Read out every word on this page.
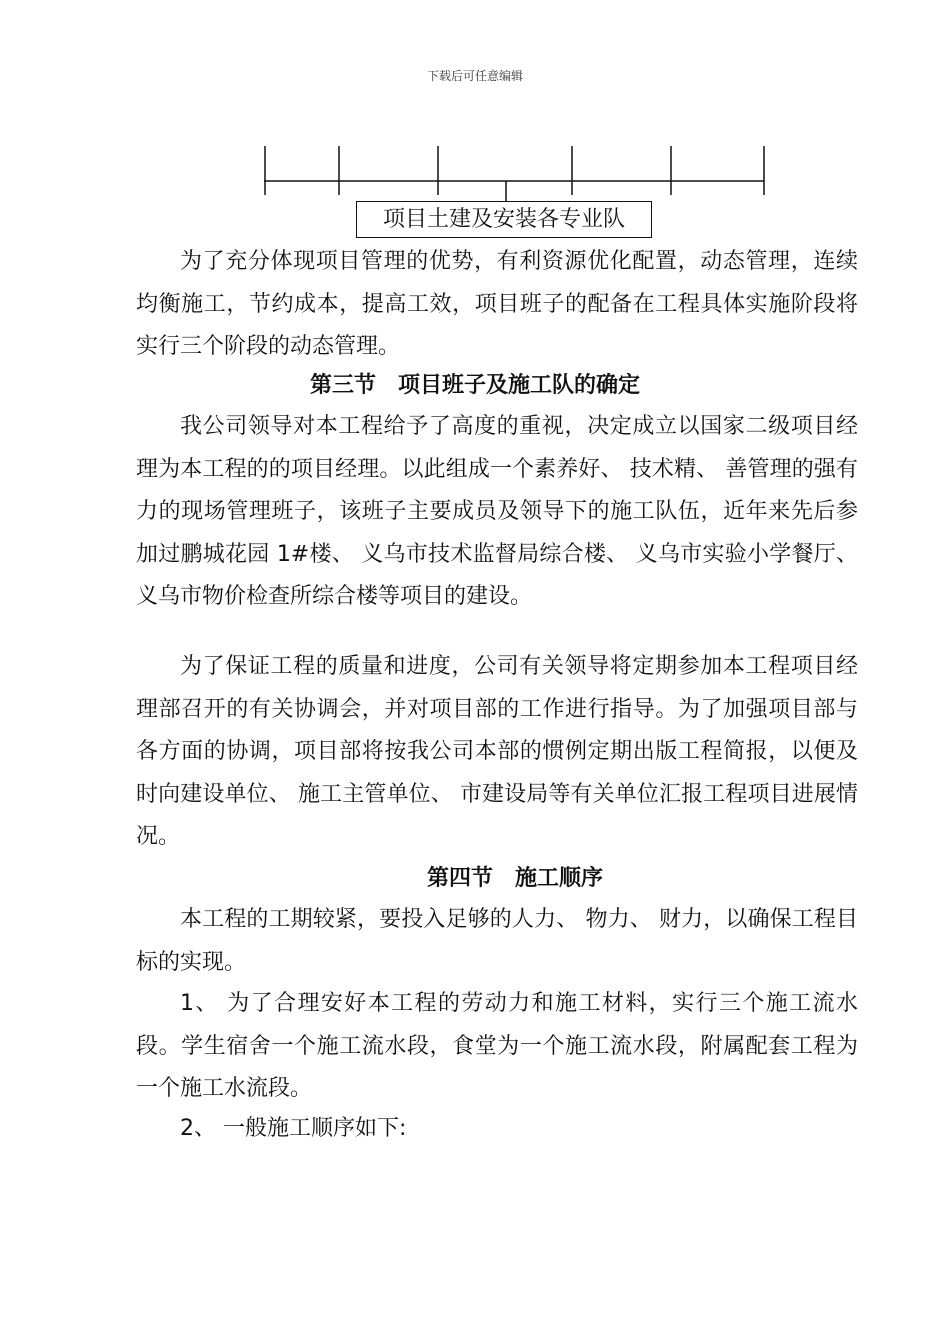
下载后可任意编辑
项目土建及安装各专业队

为了充分体现项目管理的优势，有利资源优化配置，动态管理，连续均衡施工，节约成本，提高工效，项目班子的配备在工程具体实施阶段将实行三个阶段的动态管理。

第三节 项目班子及施工队的确定

我公司领导对本工程给予了高度的重视，决定成立以国家二级项目经理为本工程的的项目经理。以此组成一个素养好、 技术精、 善管理的强有力的现场管理班子，该班子主要成员及领导下的施工队伍，近年来先后参加过鹏城花园 1#楼、 义乌市技术监督局综合楼、 义乌市实验小学餐厅、 义乌市物价检查所综合楼等项目的建设。

为了保证工程的质量和进度，公司有关领导将定期参加本工程项目经理部召开的有关协调会，并对项目部的工作进行指导。为了加强项目部与各方面的协调，项目部将按我公司本部的惯例定期出版工程简报，以便及时向建设单位、 施工主管单位、 市建设局等有关单位汇报工程项目进展情况。

第四节 施工顺序

本工程的工期较紧，要投入足够的人力、 物力、 财力，以确保工程目标的实现。

1、 为了合理安好本工程的劳动力和施工材料，实行三个施工流水段。学生宿舍一个施工流水段，食堂为一个施工流水段，附属配套工程为一个施工水流段。

2、 一般施工顺序如下:
